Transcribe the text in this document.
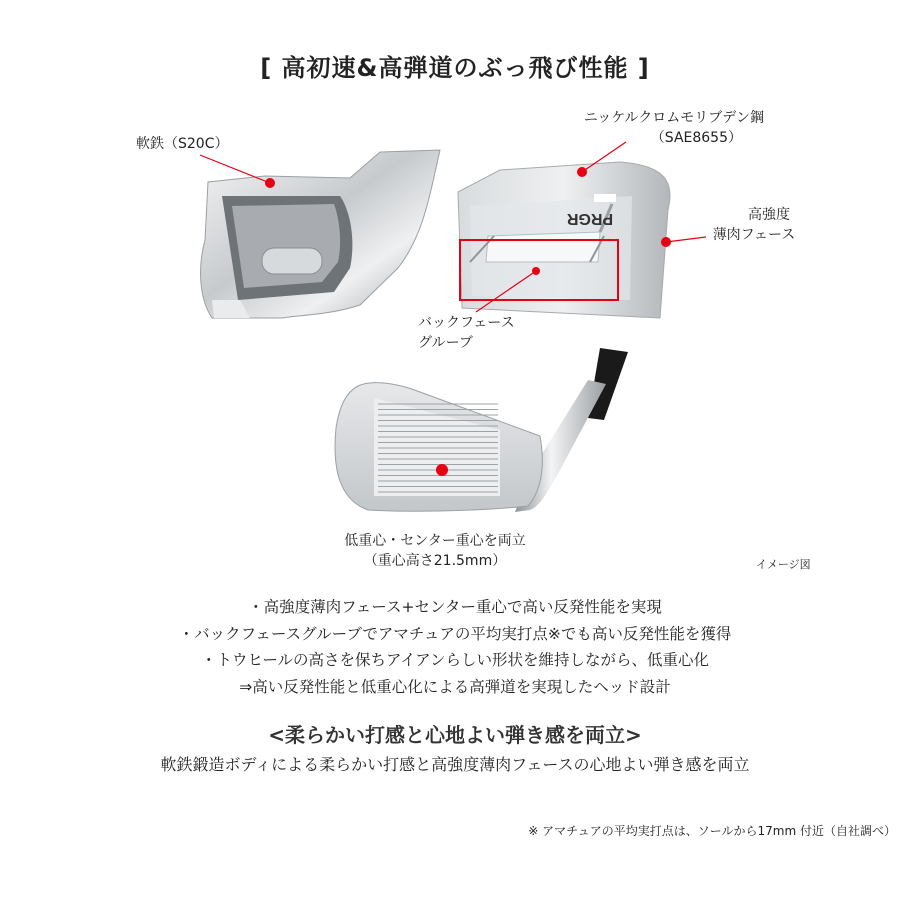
[ 高初速&高弾道のぶっ飛び性能 ]
PRGR
軟鉄（S20C）
ニッケルクロムモリブデン鋼
（SAE8655）
高強度
薄肉フェース
バックフェース
グルーブ
低重心・センター重心を両立
（重心高さ21.5mm）	イメージ図
・高強度薄肉フェース+センター重心で高い反発性能を実現
・バックフェースグルーブでアマチュアの平均実打点※でも高い反発性能を獲得
・トウヒールの高さを保ちアイアンらしい形状を維持しながら、低重心化
⇒高い反発性能と低重心化による高弾道を実現したヘッド設計
<柔らかい打感と心地よい弾き感を両立>
軟鉄鍛造ボディによる柔らかい打感と高強度薄肉フェースの心地よい弾き感を両立
※ アマチュアの平均実打点は、ソールから17mm 付近（自社調べ）
